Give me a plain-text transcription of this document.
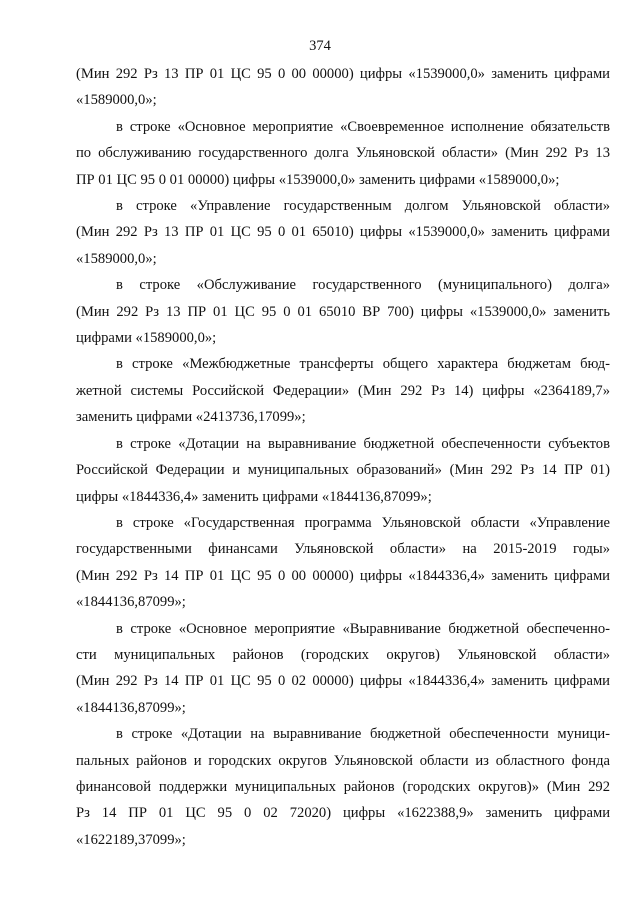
374
(Мин 292 Рз 13 ПР 01 ЦС 95 0 00 00000) цифры «1539000,0» заменить цифрами
«1589000,0»;
в строке «Основное мероприятие «Своевременное исполнение обязательств
по обслуживанию государственного долга Ульяновской области» (Мин 292 Рз 13
ПР 01 ЦС 95 0 01 00000) цифры «1539000,0» заменить цифрами «1589000,0»;
в строке «Управление государственным долгом Ульяновской области»
(Мин 292 Рз 13 ПР 01 ЦС 95 0 01 65010) цифры «1539000,0» заменить цифрами
«1589000,0»;
в строке «Обслуживание государственного (муниципального) долга»
(Мин 292 Рз 13 ПР 01 ЦС 95 0 01 65010 ВР 700) цифры «1539000,0» заменить
цифрами «1589000,0»;
в строке «Межбюджетные трансферты общего характера бюджетам бюд-
жетной системы Российской Федерации» (Мин 292 Рз 14) цифры «2364189,7»
заменить цифрами «2413736,17099»;
в строке «Дотации на выравнивание бюджетной обеспеченности субъектов
Российской Федерации и муниципальных образований» (Мин 292 Рз 14 ПР 01)
цифры «1844336,4» заменить цифрами «1844136,87099»;
в строке «Государственная программа Ульяновской области «Управление
государственными финансами Ульяновской области» на 2015-2019 годы»
(Мин 292 Рз 14 ПР 01 ЦС 95 0 00 00000) цифры «1844336,4» заменить цифрами
«1844136,87099»;
в строке «Основное мероприятие «Выравнивание бюджетной обеспеченно-
сти муниципальных районов (городских округов) Ульяновской области»
(Мин 292 Рз 14 ПР 01 ЦС 95 0 02 00000) цифры «1844336,4» заменить цифрами
«1844136,87099»;
в строке «Дотации на выравнивание бюджетной обеспеченности муници-
пальных районов и городских округов Ульяновской области из областного фонда
финансовой поддержки муниципальных районов (городских округов)» (Мин 292
Рз 14 ПР 01 ЦС 95 0 02 72020) цифры «1622388,9» заменить цифрами
«1622189,37099»;
